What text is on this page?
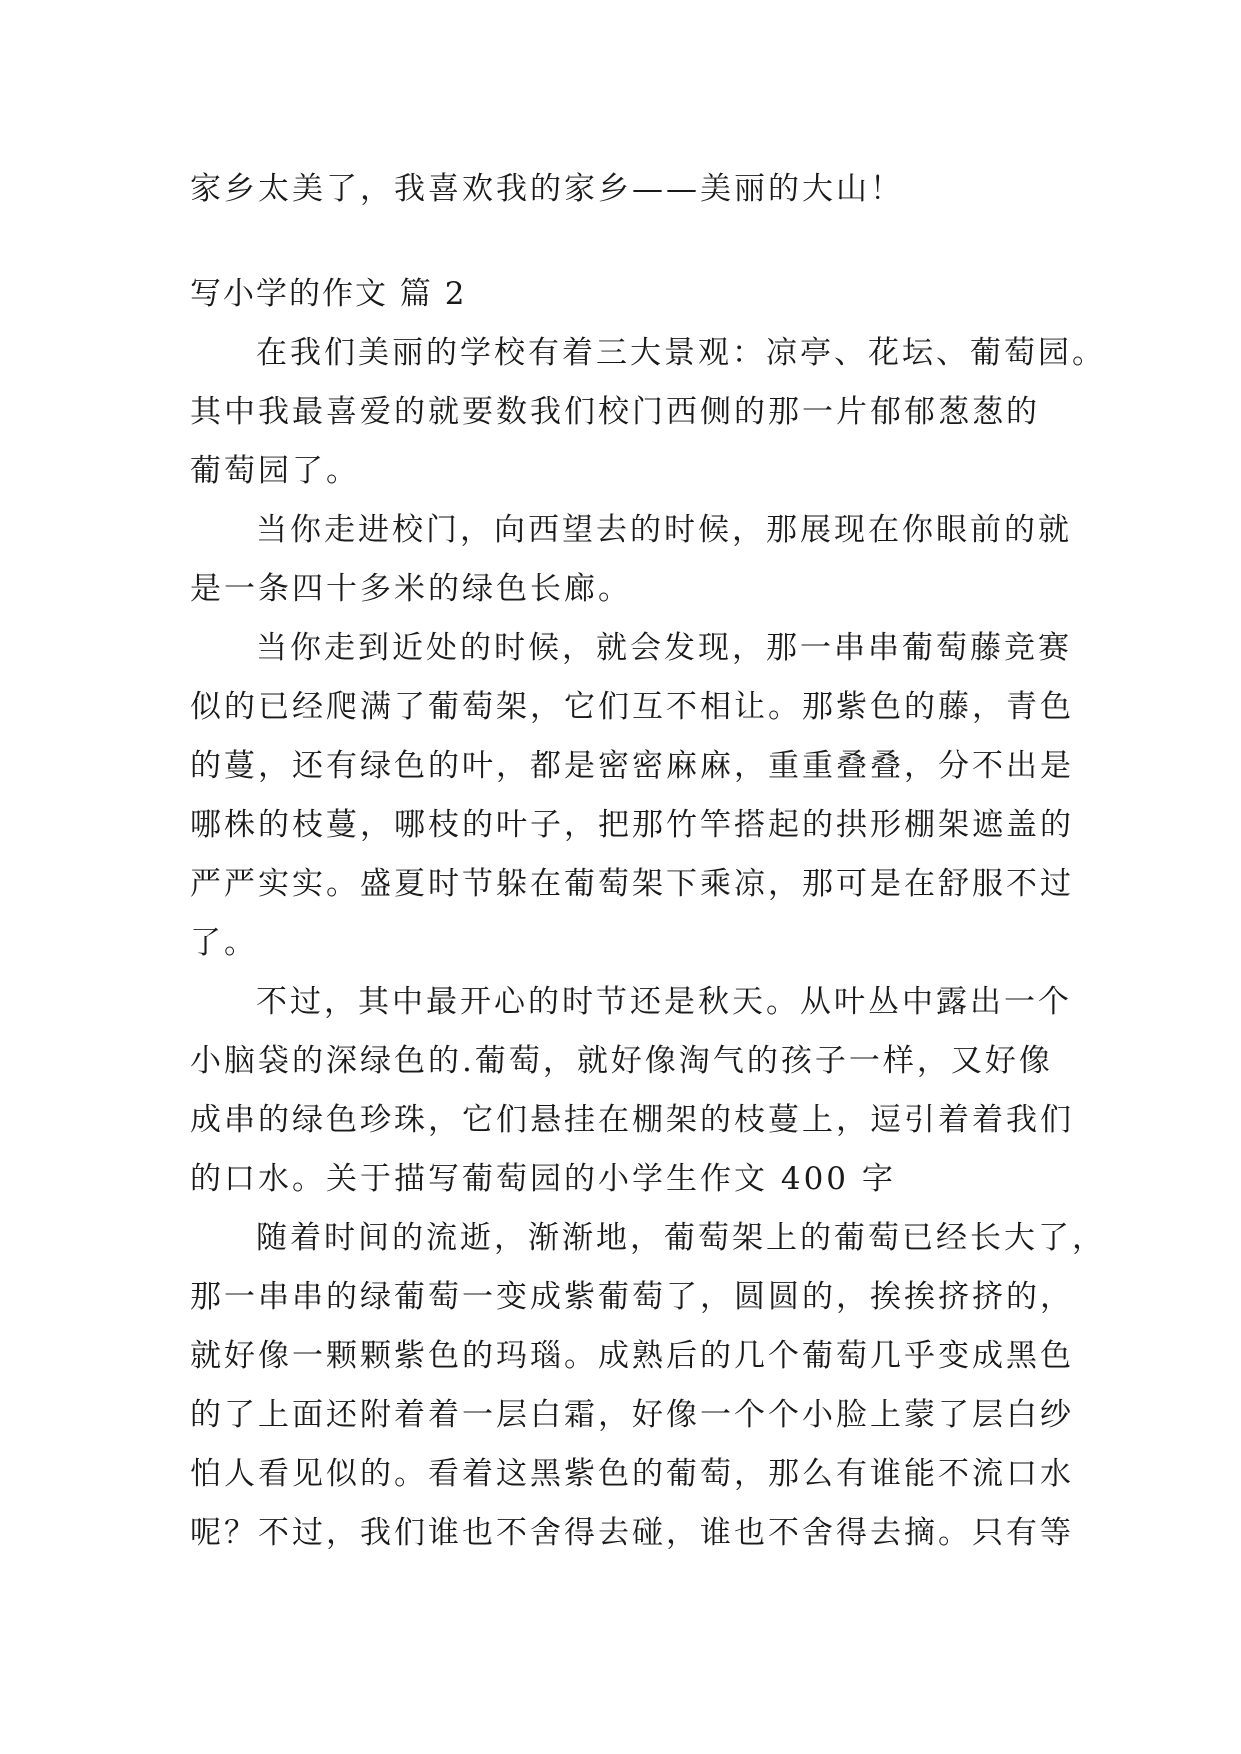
家乡太美了，我喜欢我的家乡——美丽的大山！
写小学的作文 篇 2
在我们美丽的学校有着三大景观：凉亭、花坛、葡萄园。
其中我最喜爱的就要数我们校门西侧的那一片郁郁葱葱的
葡萄园了。
当你走进校门，向西望去的时候，那展现在你眼前的就
是一条四十多米的绿色长廊。
当你走到近处的时候，就会发现，那一串串葡萄藤竞赛
似的已经爬满了葡萄架，它们互不相让。那紫色的藤，青色
的蔓，还有绿色的叶，都是密密麻麻，重重叠叠，分不出是
哪株的枝蔓，哪枝的叶子，把那竹竿搭起的拱形棚架遮盖的
严严实实。盛夏时节躲在葡萄架下乘凉，那可是在舒服不过
了。
不过，其中最开心的时节还是秋天。从叶丛中露出一个
小脑袋的深绿色的.葡萄，就好像淘气的孩子一样，又好像
成串的绿色珍珠，它们悬挂在棚架的枝蔓上，逗引着着我们
的口水。关于描写葡萄园的小学生作文 400 字
随着时间的流逝，渐渐地，葡萄架上的葡萄已经长大了，
那一串串的绿葡萄一变成紫葡萄了，圆圆的，挨挨挤挤的，
就好像一颗颗紫色的玛瑙。成熟后的几个葡萄几乎变成黑色
的了上面还附着着一层白霜，好像一个个小脸上蒙了层白纱
怕人看见似的。看着这黑紫色的葡萄，那么有谁能不流口水
呢？不过，我们谁也不舍得去碰，谁也不舍得去摘。只有等
